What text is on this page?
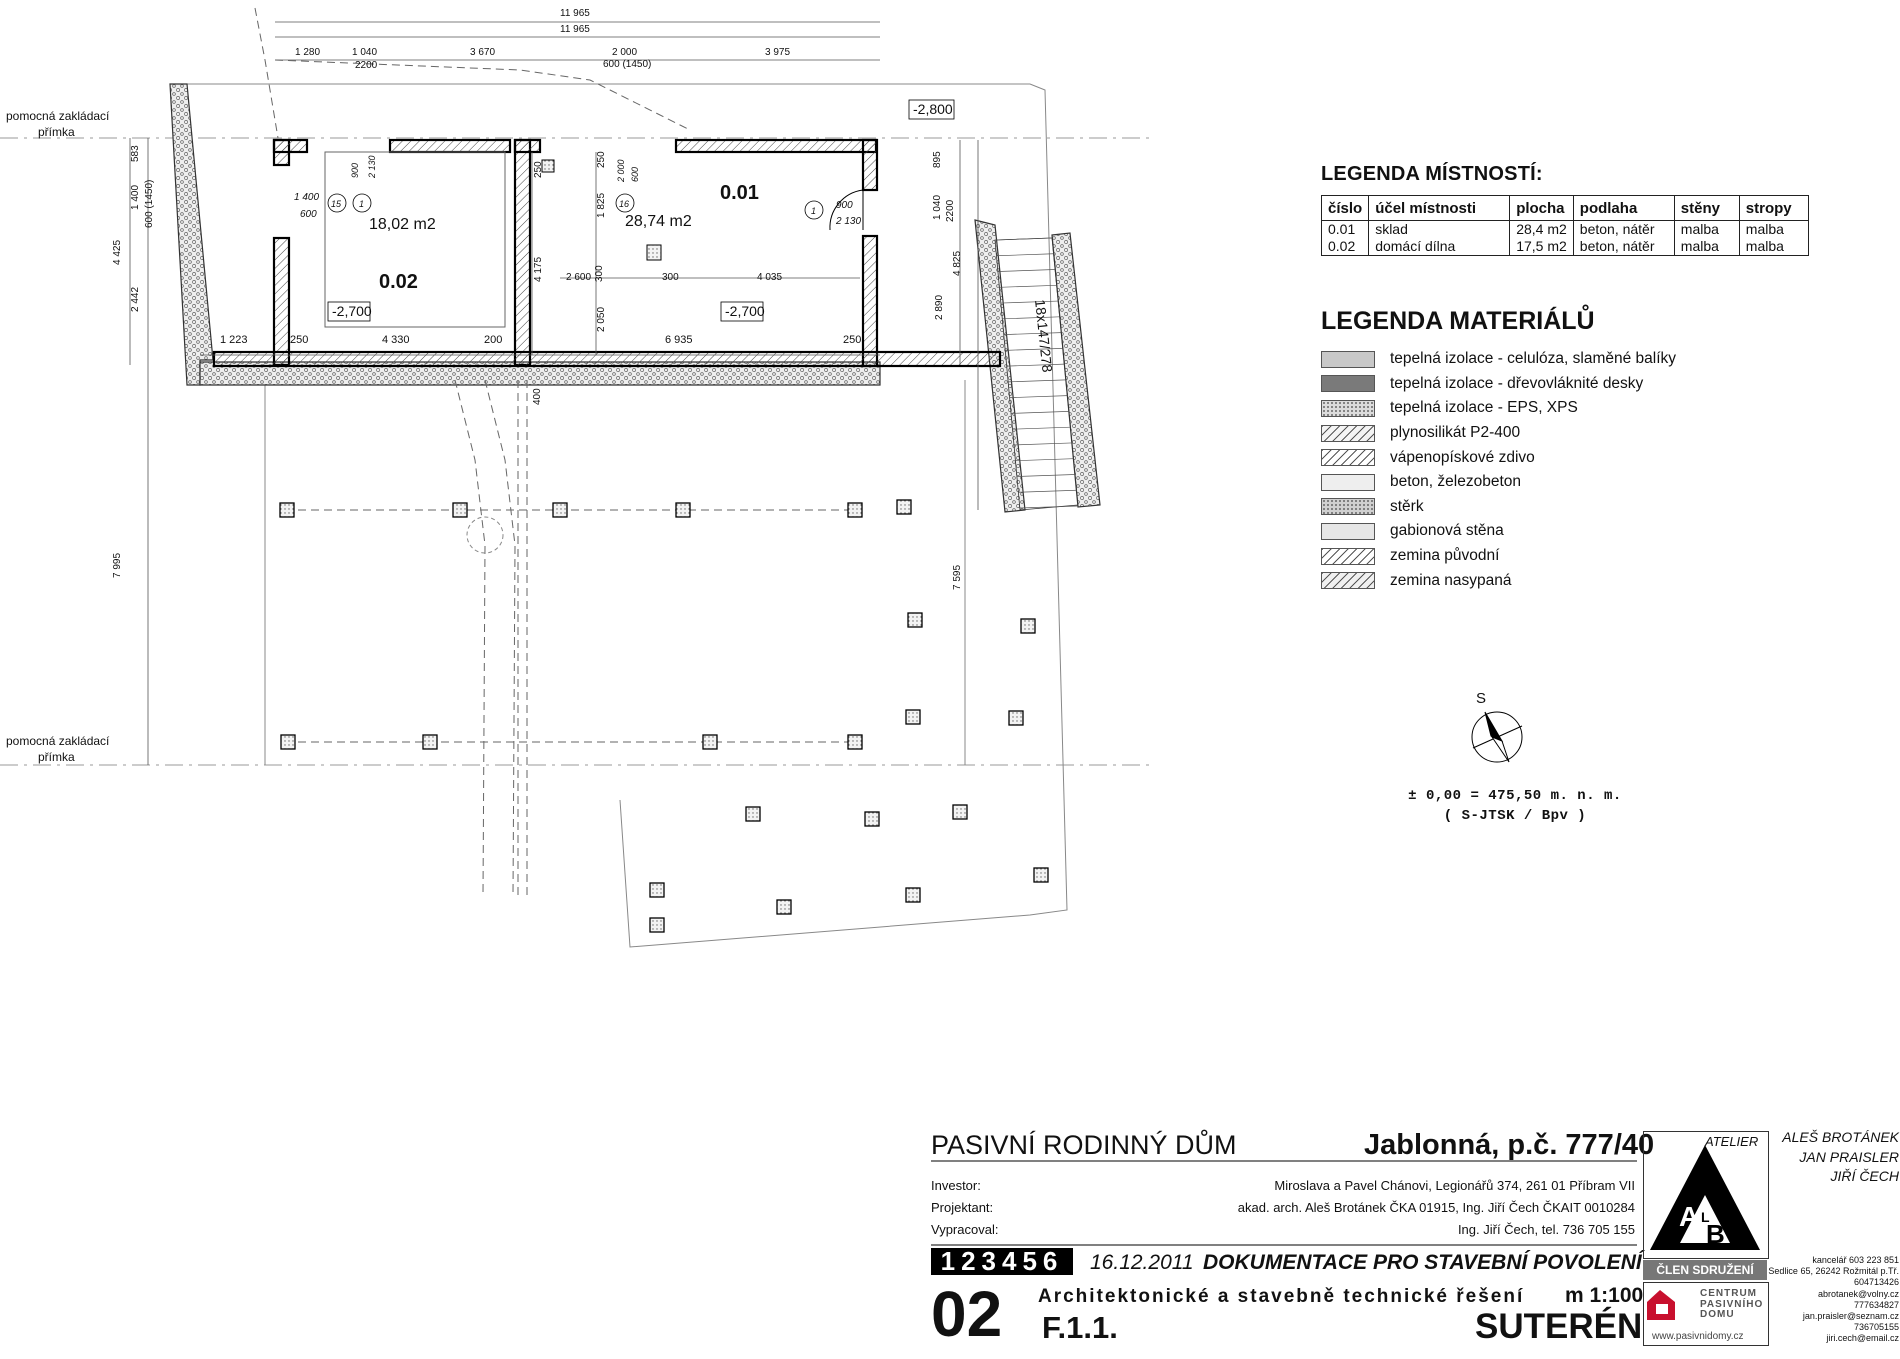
pomocná zakládací
přímka
pomocná zakládací
přímka
18x147/278
11 965
11 965
1 280	1 040
2200
3 670	2 000
600 (1450)
3 975
583
1 400 600 (1450)
4 425
2 442
7 995
1 223	250	4 330	200	6 935	250
2 600 300	300	4 035
4 175
2 050
1 825
250
250
400
2 890
4 825
7 595
895
1 040 2200
2 130
900
600
2 000
2 130
900
1 400
600
0.01
28,74 m2
-2,700
0.02
18,02 m2
-2,700
16
15 1
1
-2,800
S
A
B
L
LEGENDA MÍSTNOSTÍ:
číslo	účel místnosti	plocha	podlaha	stěny	stropy
0.01	sklad	28,4 m2	beton, nátěr	malba	malba
0.02	domácí dílna	17,5 m2	beton, nátěr	malba	malba
LEGENDA MATERIÁLŮ
tepelná izolace - celulóza, slaměné balíky
tepelná izolace - dřevovláknité desky
tepelná izolace - EPS, XPS
plynosilikát P2-400
vápenopískové zdivo
beton, železobeton
stěrk
gabionová stěna
zemina původní
zemina nasypaná
± 0,00 = 475,50 m. n. m.
( S-JTSK / Bpv )
PASIVNÍ RODINNÝ DŮM	Jablonná, p.č. 777/40
Investor:	Miroslava a Pavel Chánovi, Legionářů 374, 261 01 Příbram VII
Projektant:	akad. arch. Aleš Brotánek ČKA 01915, Ing. Jiří Čech ČKAIT 0010284
Vypracoval:	Ing. Jiří Čech, tel. 736 705 155
123456	16.12.2011 DOKUMENTACE PRO STAVEBNÍ POVOLENÍ
02 Architektonické a stavebně technické řešení m 1:100
F.1.1.	SUTERÉN
ATELIER
ČLEN SDRUŽENÍ
CENTRUM
PASIVNÍHO
DOMU
www.pasivnidomy.cz
ALEŠ BROTÁNEK
JAN PRAISLER
JIŘÍ ČECH
kancelář 603 223 851
Sedlice 65, 26242 Rožmitál p.Tř.
604713426
abrotanek@volny.cz
777634827
jan.praisler@seznam.cz
736705155
jiri.cech@email.cz
